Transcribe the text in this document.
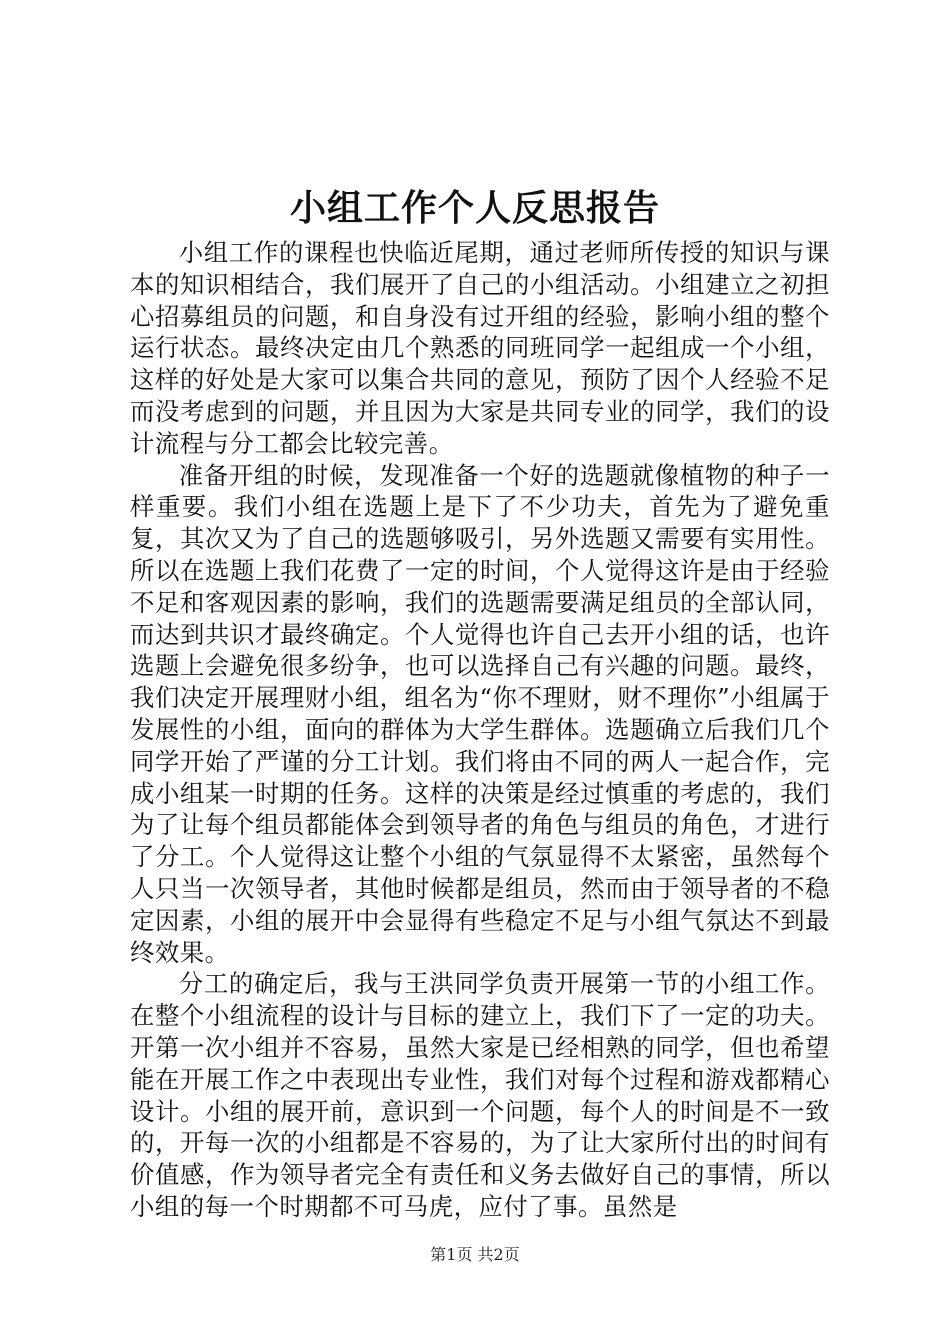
小组工作个人反思报告

小组工作的课程也快临近尾期，通过老师所传授的知识与课本的知识相结合，我们展开了自己的小组活动。小组建立之初担心招募组员的问题，和自身没有过开组的经验，影响小组的整个运行状态。最终决定由几个熟悉的同班同学一起组成一个小组，这样的好处是大家可以集合共同的意见，预防了因个人经验不足而没考虑到的问题，并且因为大家是共同专业的同学，我们的设计流程与分工都会比较完善。

准备开组的时候，发现准备一个好的选题就像植物的种子一样重要。我们小组在选题上是下了不少功夫，首先为了避免重复，其次又为了自己的选题够吸引，另外选题又需要有实用性。所以在选题上我们花费了一定的时间，个人觉得这许是由于经验不足和客观因素的影响，我们的选题需要满足组员的全部认同，而达到共识才最终确定。个人觉得也许自己去开小组的话，也许选题上会避免很多纷争，也可以选择自己有兴趣的问题。最终，我们决定开展理财小组，组名为“你不理财，财不理你”小组属于发展性的小组，面向的群体为大学生群体。选题确立后我们几个同学开始了严谨的分工计划。我们将由不同的两人一起合作，完成小组某一时期的任务。这样的决策是经过慎重的考虑的，我们为了让每个组员都能体会到领导者的角色与组员的角色，才进行了分工。个人觉得这让整个小组的气氛显得不太紧密，虽然每个人只当一次领导者，其他时候都是组员，然而由于领导者的不稳定因素，小组的展开中会显得有些稳定不足与小组气氛达不到最终效果。

分工的确定后，我与王洪同学负责开展第一节的小组工作。在整个小组流程的设计与目标的建立上，我们下了一定的功夫。开第一次小组并不容易，虽然大家是已经相熟的同学，但也希望能在开展工作之中表现出专业性，我们对每个过程和游戏都精心设计。小组的展开前，意识到一个问题，每个人的时间是不一致的，开每一次的小组都是不容易的，为了让大家所付出的时间有价值感，作为领导者完全有责任和义务去做好自己的事情，所以小组的每一个时期都不可马虎，应付了事。虽然是

第1页 共2页
